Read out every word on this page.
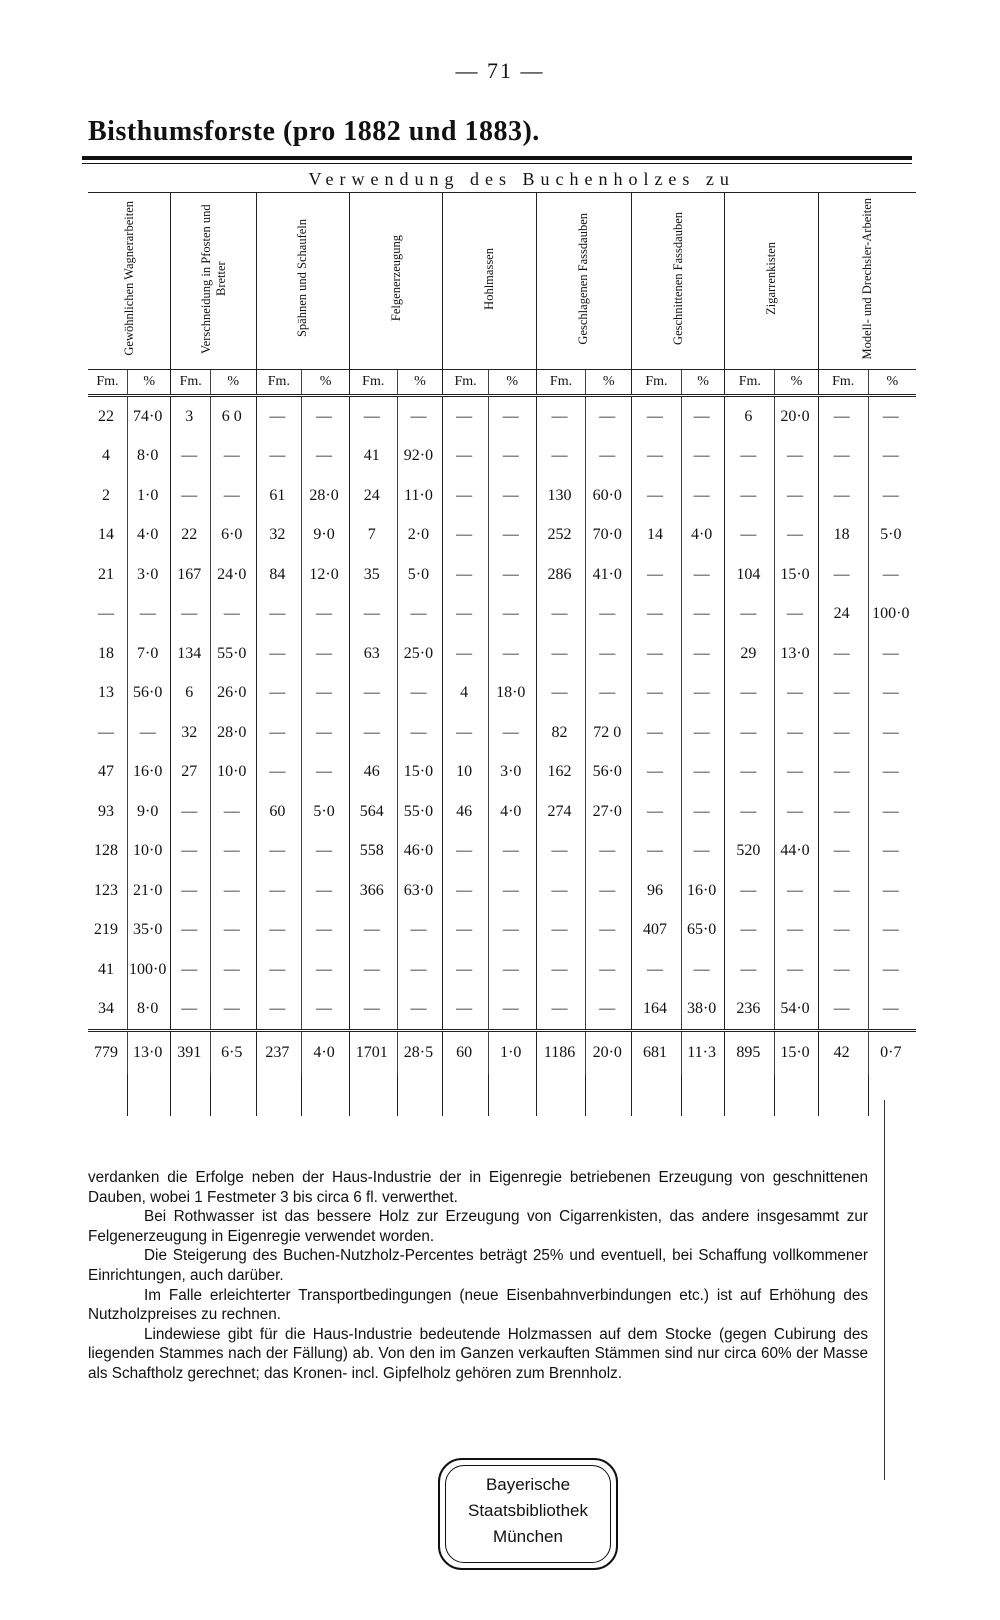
— 71 —
Bisthumsforste (pro 1882 und 1883).
	Verwendung des Buchenholzes zu																
Gewöhnlichen Wagnerarbeiten		Verschneidung in Pfosten und Bretter		Spähnen und Schaufeln		Felgenerzeugung		Hohlmassen		Geschlagenen Fassdauben		Geschnittenen Fassdauben		Zigarrenkisten		Modell- und Drechsler-Arbeiten	
Fm.	%	Fm.	%	Fm.	%	Fm.	%	Fm.	%	Fm.	%	Fm.	%	Fm.	%	Fm.	%
22	74·0	3	6 0	—	—	—	—	—	—	—	—	—	—	6	20·0	—	—
4	8·0	—	—	—	—	41	92·0	—	—	—	—	—	—	—	—	—	—
2	1·0	—	—	61	28·0	24	11·0	—	—	130	60·0	—	—	—	—	—	—
14	4·0	22	6·0	32	9·0	7	2·0	—	—	252	70·0	14	4·0	—	—	18	5·0
21	3·0	167	24·0	84	12·0	35	5·0	—	—	286	41·0	—	—	104	15·0	—	—
—	—	—	—	—	—	—	—	—	—	—	—	—	—	—	—	24	100·0
18	7·0	134	55·0	—	—	63	25·0	—	—	—	—	—	—	29	13·0	—	—
13	56·0	6	26·0	—	—	—	—	4	18·0	—	—	—	—	—	—	—	—
—	—	32	28·0	—	—	—	—	—	—	82	72 0	—	—	—	—	—	—
47	16·0	27	10·0	—	—	46	15·0	10	3·0	162	56·0	—	—	—	—	—	—
93	9·0	—	—	60	5·0	564	55·0	46	4·0	274	27·0	—	—	—	—	—	—
128	10·0	—	—	—	—	558	46·0	—	—	—	—	—	—	520	44·0	—	—
123	21·0	—	—	—	—	366	63·0	—	—	—	—	96	16·0	—	—	—	—
219	35·0	—	—	—	—	—	—	—	—	—	—	407	65·0	—	—	—	—
41	100·0	—	—	—	—	—	—	—	—	—	—	—	—	—	—	—	—
34	8·0	—	—	—	—	—	—	—	—	—	—	164	38·0	236	54·0	—	—
779	13·0	391	6·5	237	4·0	1701	28·5	60	1·0	1186	20·0	681	11·3	895	15·0	42	0·7

verdanken die Erfolge neben der Haus-Industrie der in Eigenregie betriebenen Erzeugung von geschnittenen Dauben, wobei 1 Festmeter 3 bis circa 6 fl. verwerthet.

Bei Rothwasser ist das bessere Holz zur Erzeugung von Cigarrenkisten, das andere insgesammt zur Felgenerzeugung in Eigenregie verwendet worden.

Die Steigerung des Buchen-Nutzholz-Percentes beträgt 25% und eventuell, bei Schaffung vollkommener Einrichtungen, auch darüber.

Im Falle erleichterter Transportbedingungen (neue Eisenbahnverbindungen etc.) ist auf Erhöhung des Nutzholzpreises zu rechnen.

Lindewiese gibt für die Haus-Industrie bedeutende Holzmassen auf dem Stocke (gegen Cubirung des liegenden Stammes nach der Fällung) ab. Von den im Ganzen verkauften Stämmen sind nur circa 60% der Masse als Schaftholz gerechnet; das Kronen- incl. Gipfelholz gehören zum Brennholz.

Bayerische
Staatsbibliothek
München
